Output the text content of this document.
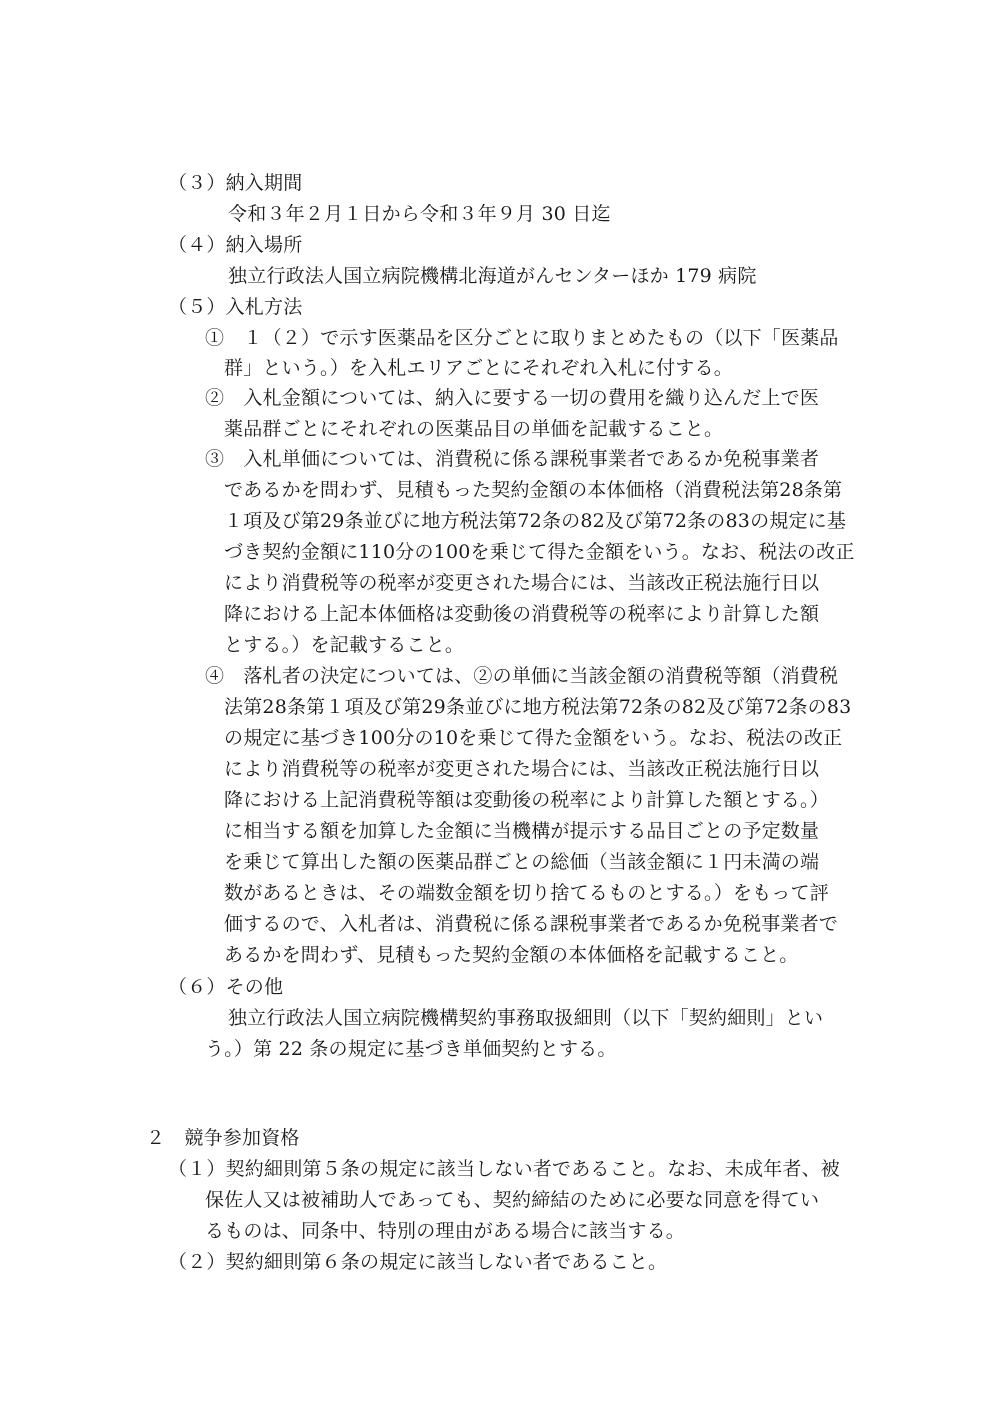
（３）納入期間
令和３年２月１日から令和３年９月 30 日迄
（４）納入場所
独立行政法人国立病院機構北海道がんセンターほか 179 病院
（５）入札方法
①　１（２）で示す医薬品を区分ごとに取りまとめたもの（以下「医薬品
群」という。）を入札エリアごとにそれぞれ入札に付する。
②　入札金額については、納入に要する一切の費用を織り込んだ上で医
薬品群ごとにそれぞれの医薬品目の単価を記載すること。
③　入札単価については、消費税に係る課税事業者であるか免税事業者
であるかを問わず、見積もった契約金額の本体価格（消費税法第28条第
１項及び第29条並びに地方税法第72条の82及び第72条の83の規定に基
づき契約金額に110分の100を乗じて得た金額をいう。なお、税法の改正
により消費税等の税率が変更された場合には、当該改正税法施行日以
降における上記本体価格は変動後の消費税等の税率により計算した額
とする。）を記載すること。
④　落札者の決定については、②の単価に当該金額の消費税等額（消費税
法第28条第１項及び第29条並びに地方税法第72条の82及び第72条の83
の規定に基づき100分の10を乗じて得た金額をいう。なお、税法の改正
により消費税等の税率が変更された場合には、当該改正税法施行日以
降における上記消費税等額は変動後の税率により計算した額とする。）
に相当する額を加算した金額に当機構が提示する品目ごとの予定数量
を乗じて算出した額の医薬品群ごとの総価（当該金額に１円未満の端
数があるときは、その端数金額を切り捨てるものとする。）をもって評
価するので、入札者は、消費税に係る課税事業者であるか免税事業者で
あるかを問わず、見積もった契約金額の本体価格を記載すること。
（６）その他
独立行政法人国立病院機構契約事務取扱細則（以下「契約細則」とい
う。）第 22 条の規定に基づき単価契約とする。
２　競争参加資格
（１）契約細則第５条の規定に該当しない者であること。なお、未成年者、被
保佐人又は被補助人であっても、契約締結のために必要な同意を得てい
るものは、同条中、特別の理由がある場合に該当する。
（２）契約細則第６条の規定に該当しない者であること。
